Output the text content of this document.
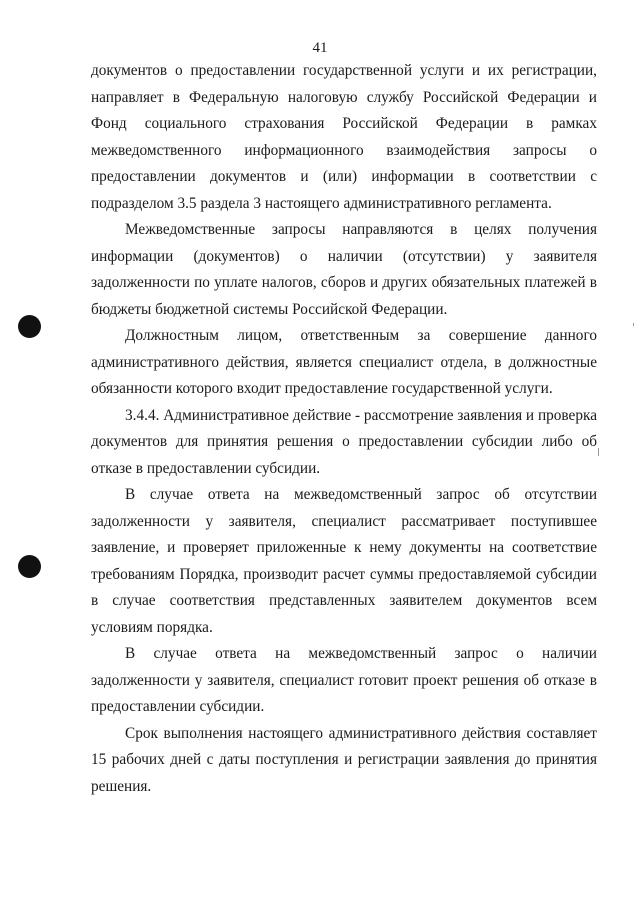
41

документов о предоставлении государственной услуги и их регистрации, направляет в Федеральную налоговую службу Российской Федерации и Фонд социального страхования Российской Федерации в рамках межведомственного информационного взаимодействия запросы о предоставлении документов и (или) информации в соответствии с подразделом 3.5 раздела 3 настоящего административного регламента.

Межведомственные запросы направляются в целях получения информации (документов) о наличии (отсутствии) у заявителя задолженности по уплате налогов, сборов и других обязательных платежей в бюджеты бюджетной системы Российской Федерации.

Должностным лицом, ответственным за совершение данного административного действия, является специалист отдела, в должностные обязанности которого входит предоставление государственной услуги.

3.4.4. Административное действие - рассмотрение заявления и проверка документов для принятия решения о предоставлении субсидии либо об отказе в предоставлении субсидии.

В случае ответа на межведомственный запрос об отсутствии задолженности у заявителя, специалист рассматривает поступившее заявление, и проверяет приложенные к нему документы на соответствие требованиям Порядка, производит расчет суммы предоставляемой субсидии в случае соответствия представленных заявителем документов всем условиям порядка.

В случае ответа на межведомственный запрос о наличии задолженности у заявителя, специалист готовит проект решения об отказе в предоставлении субсидии.

Срок выполнения настоящего административного действия составляет 15 рабочих дней с даты поступления и регистрации заявления до принятия решения.
